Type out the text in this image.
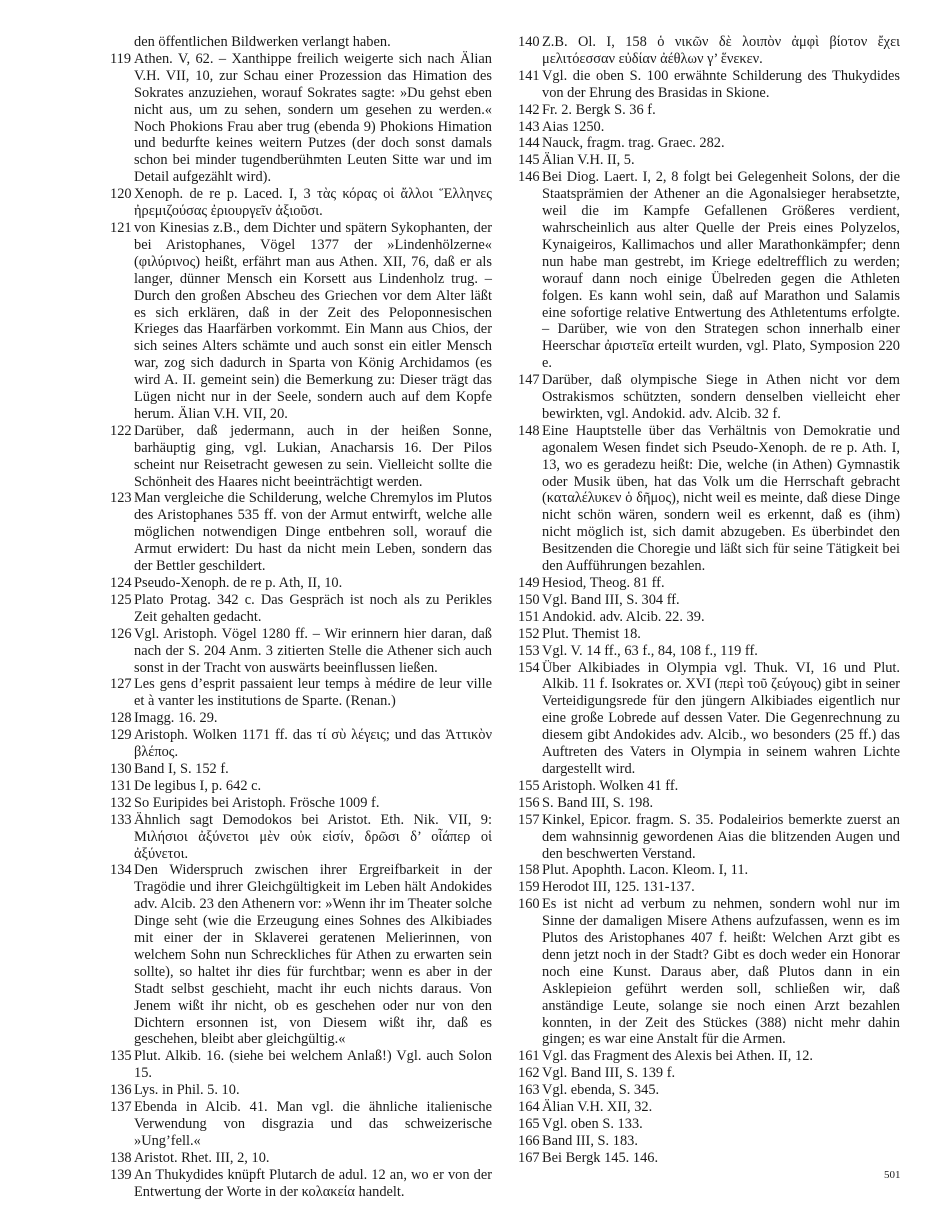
den öffentlichen Bildwerken verlangt haben.

119 Athen. V, 62. – Xanthippe freilich weigerte sich nach Älian V.H. VII, 10, zur Schau einer Prozession das Himation des Sokrates anzuziehen, worauf Sokrates sagte: »Du gehst eben nicht aus, um zu sehen, sondern um gesehen zu werden.« Noch Phokions Frau aber trug (ebenda 9) Phokions Himation und bedurfte keines weitern Putzes (der doch sonst damals schon bei minder tugendberühmten Leuten Sitte war und im Detail aufgezählt wird).

120 Xenoph. de re p. Laced. I, 3 τὰς κόρας οἱ ἄλλοι Ἕλληνες ἠρεμιζούσας ἐριουργεῖν ἀξιοῦσι.

121 von Kinesias z.B., dem Dichter und spätern Sykophanten, der bei Aristophanes, Vögel 1377 der »Lindenhölzerne« (φιλύρινος) heißt, erfährt man aus Athen. XII, 76, daß er als langer, dünner Mensch ein Korsett aus Lindenholz trug. – Durch den großen Abscheu des Griechen vor dem Alter läßt es sich erklären, daß in der Zeit des Peloponnesischen Krieges das Haarfärben vorkommt. Ein Mann aus Chios, der sich seines Alters schämte und auch sonst ein eitler Mensch war, zog sich dadurch in Sparta von König Archidamos (es wird A. II. gemeint sein) die Bemerkung zu: Dieser trägt das Lügen nicht nur in der Seele, sondern auch auf dem Kopfe herum. Älian V.H. VII, 20.

122 Darüber, daß jedermann, auch in der heißen Sonne, barhäuptig ging, vgl. Lukian, Anacharsis 16. Der Pilos scheint nur Reisetracht gewesen zu sein. Vielleicht sollte die Schönheit des Haares nicht beeinträchtigt werden.

123 Man vergleiche die Schilderung, welche Chremylos im Plutos des Aristophanes 535 ff. von der Armut entwirft, welche alle möglichen notwendigen Dinge entbehren soll, worauf die Armut erwidert: Du hast da nicht mein Leben, sondern das der Bettler geschildert.

124 Pseudo-Xenoph. de re p. Ath, II, 10.

125 Plato Protag. 342 c. Das Gespräch ist noch als zu Perikles Zeit gehalten gedacht.

126 Vgl. Aristoph. Vögel 1280 ff. – Wir erinnern hier daran, daß nach der S. 204 Anm. 3 zitierten Stelle die Athener sich auch sonst in der Tracht von auswärts beeinflussen ließen.

127 Les gens d’esprit passaient leur temps à médire de leur ville et à vanter les institutions de Sparte. (Renan.)

128 Imagg. 16. 29.

129 Aristoph. Wolken 1171 ff. das τί σὺ λέγεις; und das Ἀττικὸν βλέπος.

130 Band I, S. 152 f.

131 De legibus I, p. 642 c.

132 So Euripides bei Aristoph. Frösche 1009 f.

133 Ähnlich sagt Demodokos bei Aristot. Eth. Nik. VII, 9: Μιλήσιοι ἀξύνετοι μὲν οὐκ εἰσίν, δρῶσι δ’ οἷάπερ οἱ ἀξύνετοι.

134 Den Widerspruch zwischen ihrer Ergreifbarkeit in der Tragödie und ihrer Gleichgültigkeit im Leben hält Andokides adv. Alcib. 23 den Athenern vor: »Wenn ihr im Theater solche Dinge seht (wie die Erzeugung eines Sohnes des Alkibiades mit einer der in Sklaverei geratenen Melierinnen, von welchem Sohn nun Schreckliches für Athen zu erwarten sein sollte), so haltet ihr dies für furchtbar; wenn es aber in der Stadt selbst geschieht, macht ihr euch nichts daraus. Von Jenem wißt ihr nicht, ob es geschehen oder nur von den Dichtern ersonnen ist, von Diesem wißt ihr, daß es geschehen, bleibt aber gleichgültig.«

135 Plut. Alkib. 16. (siehe bei welchem Anlaß!) Vgl. auch Solon 15.

136 Lys. in Phil. 5. 10.

137 Ebenda in Alcib. 41. Man vgl. die ähnliche italienische Verwendung von disgrazia und das schweizerische »Ung’fell.«

138 Aristot. Rhet. III, 2, 10.

139 An Thukydides knüpft Plutarch de adul. 12 an, wo er von der Entwertung der Worte in der κολακεία handelt.

140 Z.B. Ol. I, 158 ὁ νικῶν δὲ λοιπὸν ἀμφὶ βίοτον ἔχει μελιτόεσσαν εὐδίαν ἀέθλων γ’ ἕνεκεν.

141 Vgl. die oben S. 100 erwähnte Schilderung des Thukydides von der Ehrung des Brasidas in Skione.

142 Fr. 2. Bergk S. 36 f.

143 Aias 1250.

144 Nauck, fragm. trag. Graec. 282.

145 Älian V.H. II, 5.

146 Bei Diog. Laert. I, 2, 8 folgt bei Gelegenheit Solons, der die Staatsprämien der Athener an die Agonalsieger herabsetzte, weil die im Kampfe Gefallenen Größeres verdient, wahrscheinlich aus alter Quelle der Preis eines Polyzelos, Kynaigeiros, Kallimachos und aller Marathonkämpfer; denn nun habe man gestrebt, im Kriege edeltrefflich zu werden; worauf dann noch einige Übelreden gegen die Athleten folgen. Es kann wohl sein, daß auf Marathon und Salamis eine sofortige relative Entwertung des Athletentums erfolgte. – Darüber, wie von den Strategen schon innerhalb einer Heerschar ἀριστεῖα erteilt wurden, vgl. Plato, Symposion 220 e.

147 Darüber, daß olympische Siege in Athen nicht vor dem Ostrakismos schützten, sondern denselben vielleicht eher bewirkten, vgl. Andokid. adv. Alcib. 32 f.

148 Eine Hauptstelle über das Verhältnis von Demokratie und agonalem Wesen findet sich Pseudo-Xenoph. de re p. Ath. I, 13, wo es geradezu heißt: Die, welche (in Athen) Gymnastik oder Musik üben, hat das Volk um die Herrschaft gebracht (καταλέλυκεν ὁ δῆμος), nicht weil es meinte, daß diese Dinge nicht schön wären, sondern weil es erkennt, daß es (ihm) nicht möglich ist, sich damit abzugeben. Es überbindet den Besitzenden die Choregie und läßt sich für seine Tätigkeit bei den Aufführungen bezahlen.

149 Hesiod, Theog. 81 ff.

150 Vgl. Band III, S. 304 ff.

151 Andokid. adv. Alcib. 22. 39.

152 Plut. Themist 18.

153 Vgl. V. 14 ff., 63 f., 84, 108 f., 119 ff.

154 Über Alkibiades in Olympia vgl. Thuk. VI, 16 und Plut. Alkib. 11 f. Isokrates or. XVI (περὶ τοῦ ζεύγους) gibt in seiner Verteidigungsrede für den jüngern Alkibiades eigentlich nur eine große Lobrede auf dessen Vater. Die Gegenrechnung zu diesem gibt Andokides adv. Alcib., wo besonders (25 ff.) das Auftreten des Vaters in Olympia in seinem wahren Lichte dargestellt wird.

155 Aristoph. Wolken 41 ff.

156 S. Band III, S. 198.

157 Kinkel, Epicor. fragm. S. 35. Podaleirios bemerkte zuerst an dem wahnsinnig gewordenen Aias die blitzenden Augen und den beschwerten Verstand.

158 Plut. Apophth. Lacon. Kleom. I, 11.

159 Herodot III, 125. 131-137.

160 Es ist nicht ad verbum zu nehmen, sondern wohl nur im Sinne der damaligen Misere Athens aufzufassen, wenn es im Plutos des Aristophanes 407 f. heißt: Welchen Arzt gibt es denn jetzt noch in der Stadt? Gibt es doch weder ein Honorar noch eine Kunst. Daraus aber, daß Plutos dann in ein Asklepieion geführt werden soll, schließen wir, daß anständige Leute, solange sie noch einen Arzt bezahlen konnten, in der Zeit des Stückes (388) nicht mehr dahin gingen; es war eine Anstalt für die Armen.

161 Vgl. das Fragment des Alexis bei Athen. II, 12.

162 Vgl. Band III, S. 139 f.

163 Vgl. ebenda, S. 345.

164 Älian V.H. XII, 32.

165 Vgl. oben S. 133.

166 Band III, S. 183.

167 Bei Bergk 145. 146.

501
